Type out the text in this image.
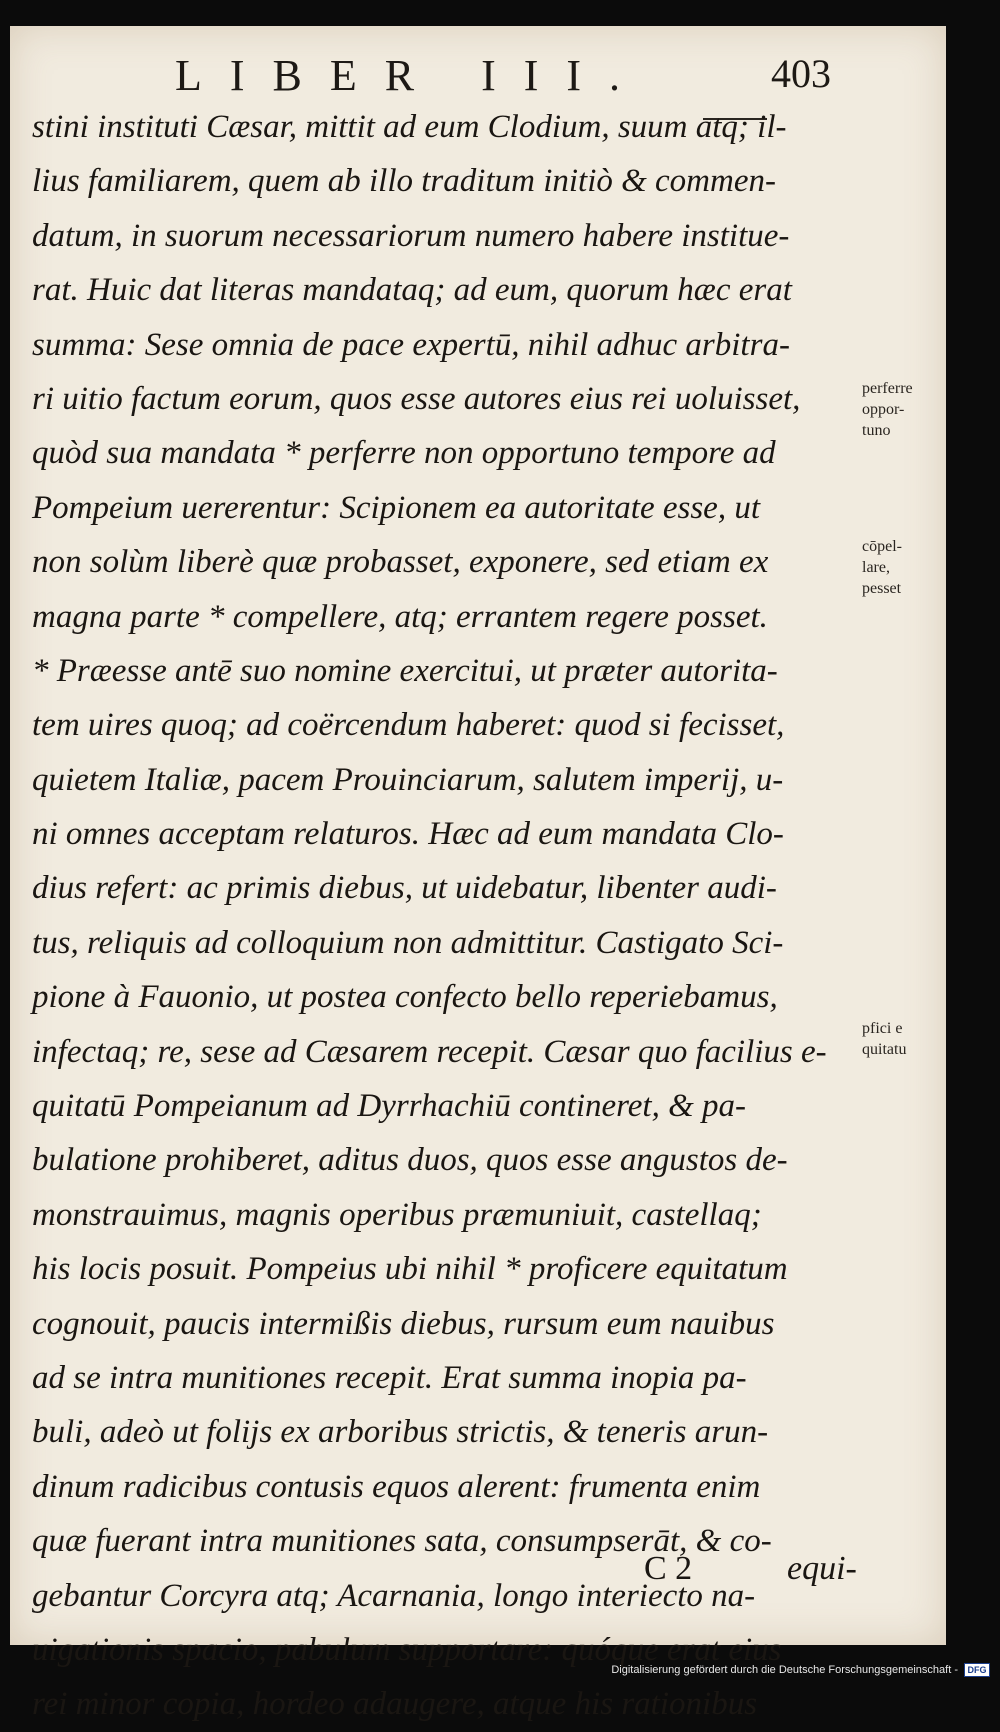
LIBER III.	403
stini instituti Cæsar, mittit ad eum Clodium, suum atq; il-
lius familiarem, quem ab illo traditum initiò & commen-
datum, in suorum necessariorum numero habere institue-
rat. Huic dat literas mandataq; ad eum, quorum hæc erat
summa: Sese omnia de pace expertū, nihil adhuc arbitra-
ri uitio factum eorum, quos esse autores eius rei uoluisset,
quòd sua mandata * perferre non opportuno tempore ad
Pompeium uererentur: Scipionem ea autoritate esse, ut
non solùm liberè quæ probasset, exponere, sed etiam ex
magna parte * compellere, atq; errantem regere posset.
* Præesse antē suo nomine exercitui, ut præter autorita-
tem uires quoq; ad coërcendum haberet: quod si fecisset,
quietem Italiæ, pacem Prouinciarum, salutem imperij, u-
ni omnes acceptam relaturos. Hæc ad eum mandata Clo-
dius refert: ac primis diebus, ut uidebatur, libenter audi-
tus, reliquis ad colloquium non admittitur. Castigato Sci-
pione à Fauonio, ut postea confecto bello reperiebamus,
infectaq; re, sese ad Cæsarem recepit. Cæsar quo facilius e-
quitatū Pompeianum ad Dyrrhachiū contineret, & pa-
bulatione prohiberet, aditus duos, quos esse angustos de-
monstrauimus, magnis operibus præmuniuit, castellaq;
his locis posuit. Pompeius ubi nihil * proficere equitatum
cognouit, paucis intermißis diebus, rursum eum nauibus
ad se intra munitiones recepit. Erat summa inopia pa-
buli, adeò ut folijs ex arboribus strictis, & teneris arun-
dinum radicibus contusis equos alerent: frumenta enim
quæ fuerant intra munitiones sata, consumpserāt, & co-
gebantur Corcyra atq; Acarnania, longo interiecto na-
uigationis spacio, pabulum supportare: quóque erat eius
rei minor copia, hordeo adaugere, atque his rationibus
C 2	equi-
perferre
oppor-
tuno
cōpel-
lare,
pesset
pfici e
quitatu
Digitalisierung gefördert durch die Deutsche Forschungsgemeinschaft -	DFG
